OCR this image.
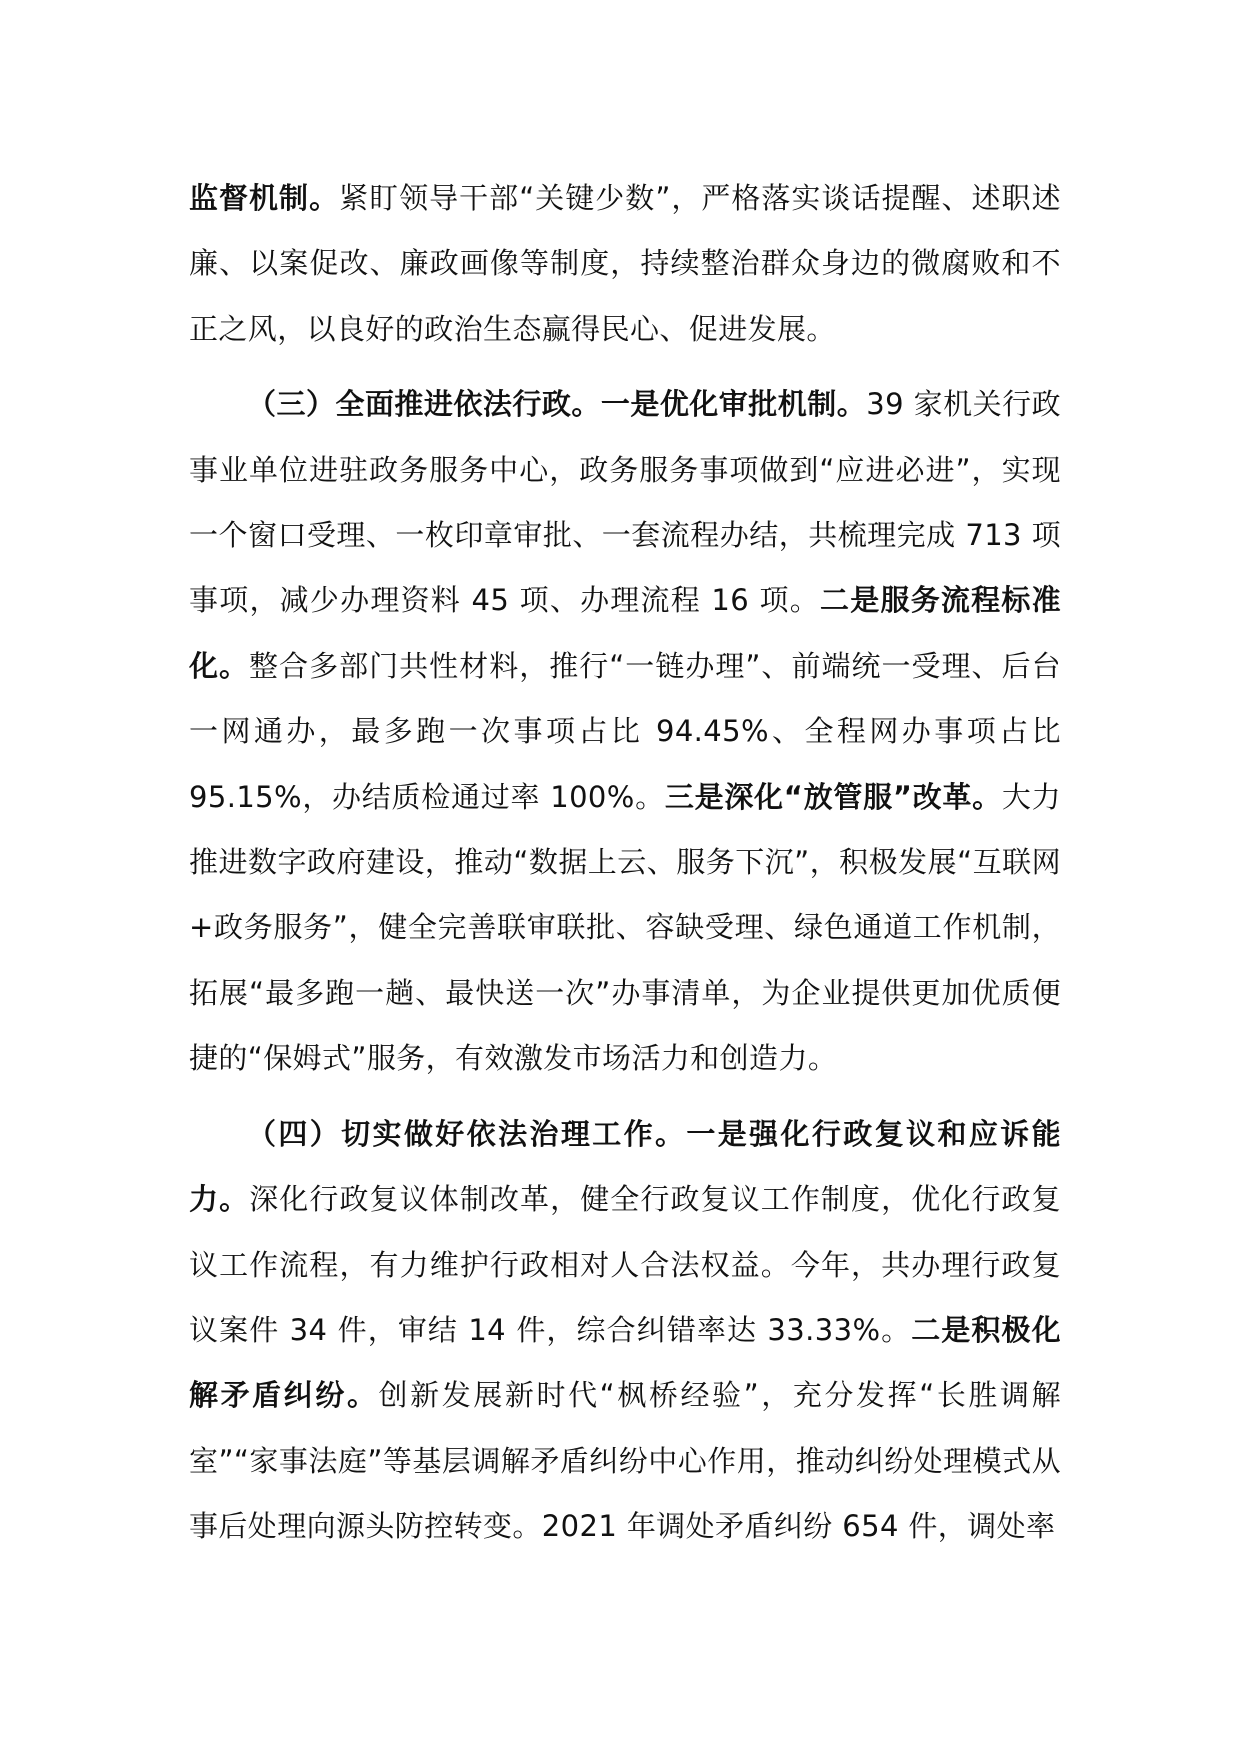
监督机制。紧盯领导干部“关键少数”，严格落实谈话提醒、述职述廉、以案促改、廉政画像等制度，持续整治群众身边的微腐败和不正之风，以良好的政治生态赢得民心、促进发展。

（三）全面推进依法行政。一是优化审批机制。39 家机关行政事业单位进驻政务服务中心，政务服务事项做到“应进必进”，实现一个窗口受理、一枚印章审批、一套流程办结，共梳理完成 713 项事项，减少办理资料 45 项、办理流程 16 项。二是服务流程标准化。整合多部门共性材料，推行“一链办理”、前端统一受理、后台一网通办，最多跑一次事项占比 94.45%、全程网办事项占比 95.15%，办结质检通过率 100%。三是深化“放管服”改革。大力推进数字政府建设，推动“数据上云、服务下沉”，积极发展“互联网+政务服务”，健全完善联审联批、容缺受理、绿色通道工作机制，拓展“最多跑一趟、最快送一次”办事清单，为企业提供更加优质便捷的“保姆式”服务，有效激发市场活力和创造力。

（四）切实做好依法治理工作。一是强化行政复议和应诉能力。深化行政复议体制改革，健全行政复议工作制度，优化行政复议工作流程，有力维护行政相对人合法权益。今年，共办理行政复议案件 34 件，审结 14 件，综合纠错率达 33.33%。二是积极化解矛盾纠纷。创新发展新时代“枫桥经验”，充分发挥“长胜调解室”“家事法庭”等基层调解矛盾纠纷中心作用，推动纠纷处理模式从事后处理向源头防控转变。2021 年调处矛盾纠纷 654 件，调处率
